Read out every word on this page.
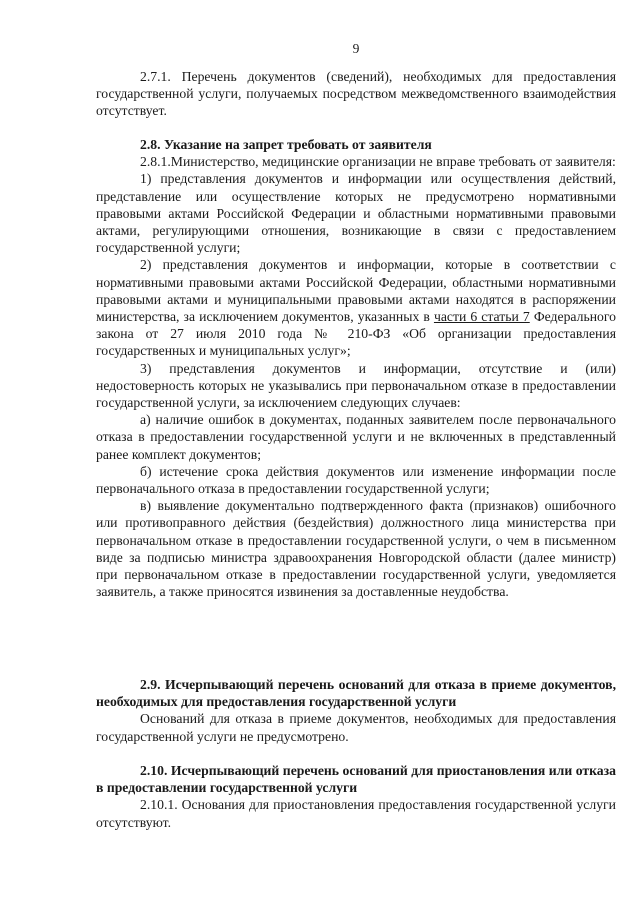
9

2.7.1. Перечень документов (сведений), необходимых для предоставления государственной услуги, получаемых посредством межведомственного взаимодействия отсутствует.

2.8. Указание на запрет требовать от заявителя

2.8.1.Министерство, медицинские организации не вправе требовать от заявителя:

1) представления документов и информации или осуществления действий, представление или осуществление которых не предусмотрено нормативными правовыми актами Российской Федерации и областными нормативными правовыми актами, регулирующими отношения, возникающие в связи с предоставлением государственной услуги;

2) представления документов и информации, которые в соответствии с нормативными правовыми актами Российской Федерации, областными нормативными правовыми актами и муниципальными правовыми актами находятся в распоряжении министерства, за исключением документов, указанных в части 6 статьи 7 Федерального закона от 27 июля 2010 года № 210-ФЗ «Об организации предоставления государственных и муниципальных услуг»;

3) представления документов и информации, отсутствие и (или) недостоверность которых не указывались при первоначальном отказе в предоставлении государственной услуги, за исключением следующих случаев:

а) наличие ошибок в документах, поданных заявителем после первоначального отказа в предоставлении государственной услуги и не включенных в представленный ранее комплект документов;

б) истечение срока действия документов или изменение информации после первоначального отказа в предоставлении государственной услуги;

в) выявление документально подтвержденного факта (признаков) ошибочного или противоправного действия (бездействия) должностного лица министерства при первоначальном отказе в предоставлении государственной услуги, о чем в письменном виде за подписью министра здравоохранения Новгородской области (далее министр) при первоначальном отказе в предоставлении государственной услуги, уведомляется заявитель, а также приносятся извинения за доставленные неудобства.

2.9. Исчерпывающий перечень оснований для отказа в приеме документов, необходимых для предоставления государственной услуги

Оснований для отказа в приеме документов, необходимых для предоставления государственной услуги не предусмотрено.

2.10. Исчерпывающий перечень оснований для приостановления или отказа в предоставлении государственной услуги

2.10.1. Основания для приостановления предоставления государственной услуги отсутствуют.
